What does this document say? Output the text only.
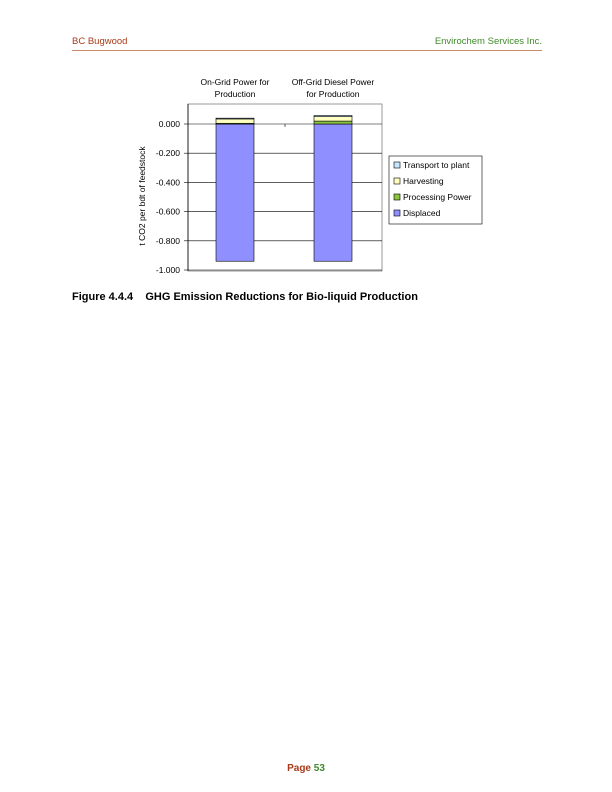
BC Bugwood	Envirochem Services Inc.
0.000
-0.200
-0.400
-0.600
-0.800
-1.000
t CO2 per bdt of feedstock
On-Grid Power for
Production
Off-Grid Diesel Power
for Production
Transport to plant
Harvesting
Processing Power
Displaced
Figure 4.4.4    GHG Emission Reductions for Bio-liquid Production
Page 53
